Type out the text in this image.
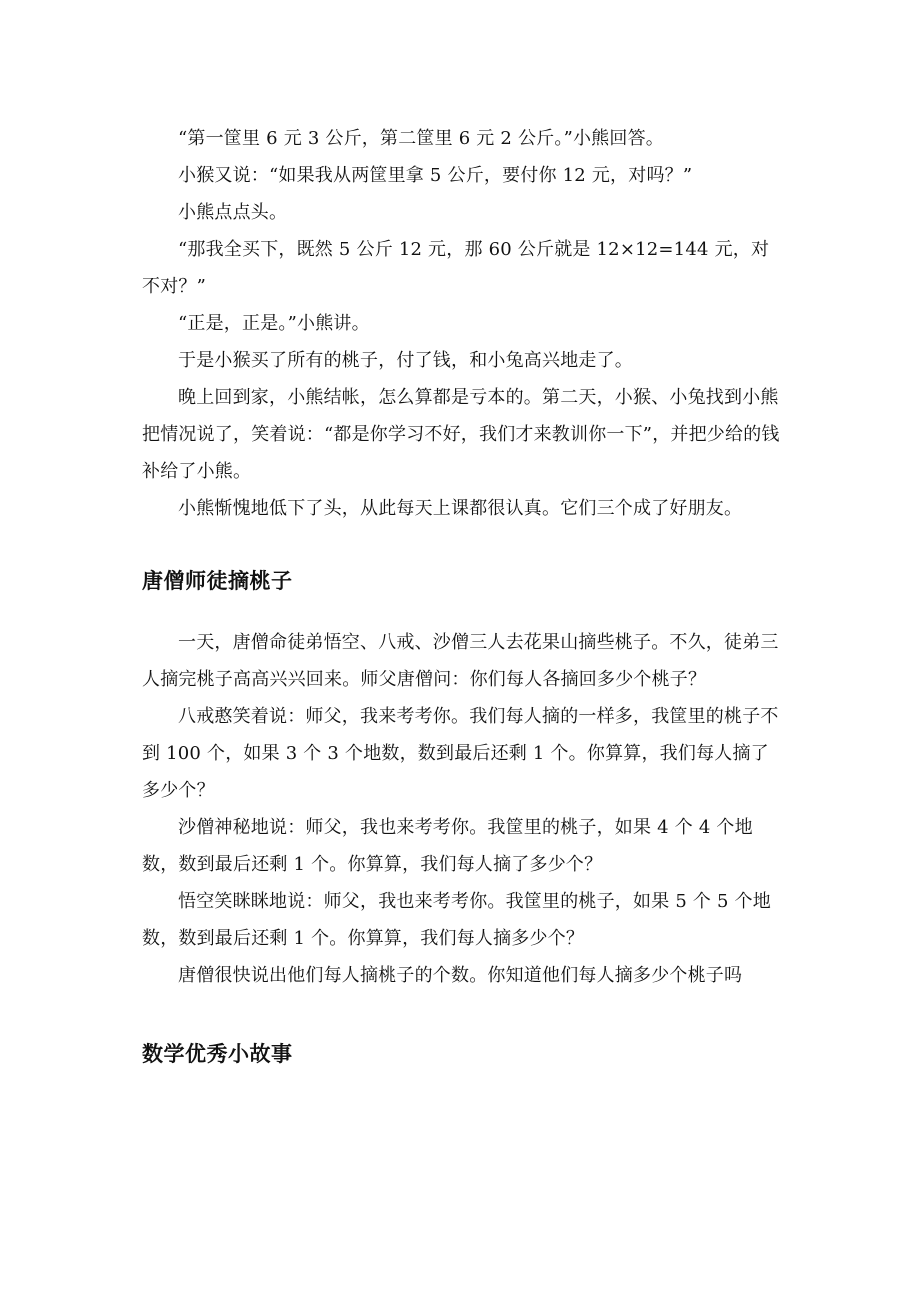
“第一筐里 6 元 3 公斤，第二筐里 6 元 2 公斤。”小熊回答。

小猴又说：“如果我从两筐里拿 5 公斤，要付你 12 元，对吗？”

小熊点点头。

“那我全买下，既然 5 公斤 12 元，那 60 公斤就是 12×12=144 元，对不对？”

“正是，正是。”小熊讲。

于是小猴买了所有的桃子，付了钱，和小兔高兴地走了。

晚上回到家，小熊结帐，怎么算都是亏本的。第二天，小猴、小兔找到小熊把情况说了，笑着说：“都是你学习不好，我们才来教训你一下”，并把少给的钱补给了小熊。

小熊惭愧地低下了头，从此每天上课都很认真。它们三个成了好朋友。

唐僧师徒摘桃子

一天，唐僧命徒弟悟空、八戒、沙僧三人去花果山摘些桃子。不久，徒弟三人摘完桃子高高兴兴回来。师父唐僧问：你们每人各摘回多少个桃子？

八戒憨笑着说：师父，我来考考你。我们每人摘的一样多，我筐里的桃子不到 100 个，如果 3 个 3 个地数，数到最后还剩 1 个。你算算，我们每人摘了多少个？

沙僧神秘地说：师父，我也来考考你。我筐里的桃子，如果 4 个 4 个地数，数到最后还剩 1 个。你算算，我们每人摘了多少个？

悟空笑眯眯地说：师父，我也来考考你。我筐里的桃子，如果 5 个 5 个地数，数到最后还剩 1 个。你算算，我们每人摘多少个？

唐僧很快说出他们每人摘桃子的个数。你知道他们每人摘多少个桃子吗

数学优秀小故事
